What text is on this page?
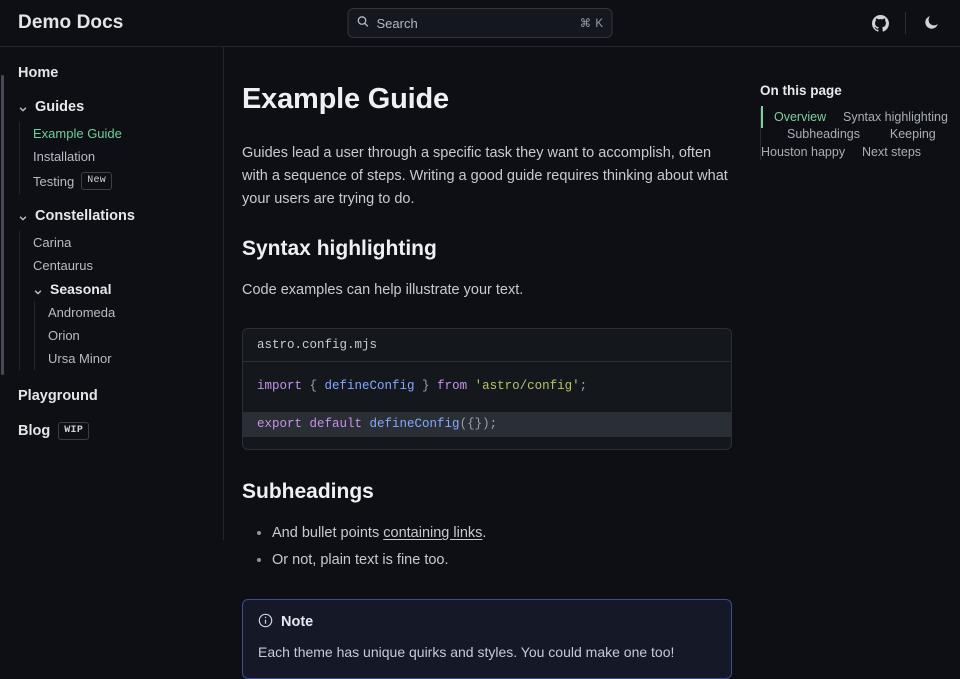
Demo Docs	Search	⌘ K
Home
Guides
Example Guide
Installation
Testing	New
Constellations
Carina
Centaurus
Seasonal
Andromeda
Orion
Ursa Minor
Playground
Blog	WIP
Example Guide

Guides lead a user through a specific task they want to accomplish, often with a sequence of steps. Writing a good guide requires thinking about what your users are trying to do.

Syntax highlighting

Code examples can help illustrate your text.

astro.config.mjs
import { defineConfig } from 'astro/config';
export default defineConfig({});
Subheadings
• And bullet points containing links.
• Or not, plain text is fine too.
Note
Each theme has unique quirks and styles. You could make one too!
On this page
Overview Syntax highlighting Subheadings Keeping Houston happy Next steps
